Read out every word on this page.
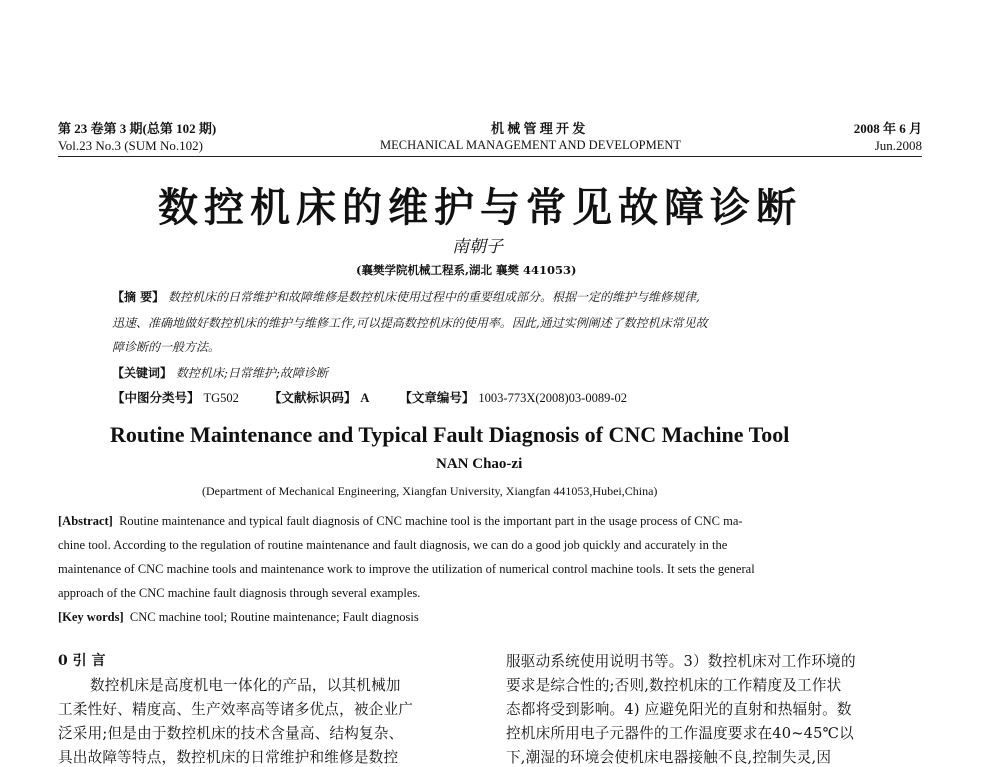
第 23 卷第 3 期(总第 102 期)
Vol.23 No.3 (SUM No.102)
机 械 管 理 开 发
MECHANICAL MANAGEMENT AND DEVELOPMENT
2008 年 6 月
Jun.2008
数控机床的维护与常见故障诊断
南朝子
(襄樊学院机械工程系,湖北 襄樊 441053)
【摘 要】 数控机床的日常维护和故障维修是数控机床使用过程中的重要组成部分。根据一定的维护与维修规律,
迅速、准确地做好数控机床的维护与维修工作,可以提高数控机床的使用率。因此,通过实例阐述了数控机床常见故
障诊断的一般方法。
【关键词】 数控机床;日常维护;故障诊断
【中图分类号】 TG502 【文献标识码】 A 【文章编号】 1003-773X(2008)03-0089-02
Routine Maintenance and Typical Fault Diagnosis of CNC Machine Tool
NAN Chao-zi
(Department of Mechanical Engineering, Xiangfan University, Xiangfan 441053,Hubei,China)
[Abstract] Routine maintenance and typical fault diagnosis of CNC machine tool is the important part in the usage process of CNC ma-
chine tool. According to the regulation of routine maintenance and fault diagnosis, we can do a good job quickly and accurately in the
maintenance of CNC machine tools and maintenance work to improve the utilization of numerical control machine tools. It sets the general
approach of the CNC machine fault diagnosis through several examples.
[Key words] CNC machine tool; Routine maintenance; Fault diagnosis
0 引 言
数控机床是高度机电一体化的产品，以其机械加
工柔性好、精度高、生产效率高等诸多优点，被企业广
泛采用;但是由于数控机床的技术含量高、结构复杂、
具出故障等特点，数控机床的日常维护和维修是数控
服驱动系统使用说明书等。3）数控机床对工作环境的
要求是综合性的;否则,数控机床的工作精度及工作状
态都将受到影响。4) 应避免阳光的直射和热辐射。数
控机床所用电子元器件的工作温度要求在40~45℃以
下,潮湿的环境会使机床电器接触不良,控制失灵,因
